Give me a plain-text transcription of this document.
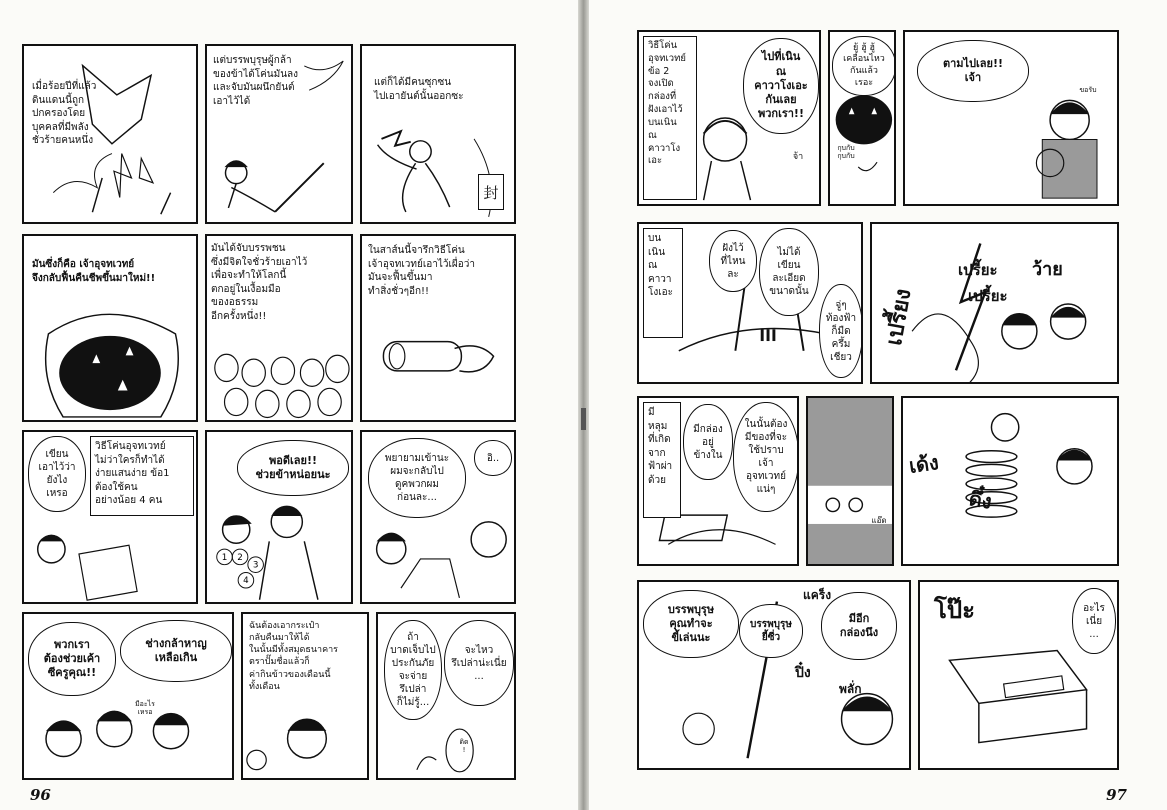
เมื่อร้อยปีที่แล้ว
ดินแดนนี้ถูก
ปกครองโดย
บุคคลที่มีพลัง
ชั่วร้ายคนหนึ่ง
แต่บรรพบุรุษผู้กล้า
ของข้าได้โค่นมันลง
และจับมันผนึกยันต์
เอาไว้ได้
แต่ก็ได้มีคนซุกซน
ไปเอายันต์นั้นออกซะ
封
มันซึ่งก็คือ เจ้าอุจทเวทย์
จึงกลับฟื้นคืนชีพขึ้นมาใหม่!!
มันได้จับบรรพชน
ซึ่งมีจิตใจชั่วร้ายเอาไว้
เพื่อจะทำให้โลกนี้
ตกอยู่ในเงื้อมมือ
ของอธรรม
อีกครั้งหนึ่ง!!
ในสาส์นนี้จารึกวิธีโค่น
เจ้าอุจทเวทย์เอาไว้เผื่อว่า
มันจะฟื้นขึ้นมา
ทำสิ่งชั่วๆอีก!!
เขียน
เอาไว้ว่า
ยังไง
เหรอ
วิธีโค่นอุจทเวทย์
ไม่ว่าใครก็ทำได้
ง่ายแสนง่าย ข้อ1
ต้องใช้คน
อย่างน้อย 4 คน
1 2
3
4
พอดีเลย!!
ช่วยข้าหน่อยนะ
พยายามเข้านะ
ผมจะกลับไป
ดูคพวกผม
ก่อนละ...
อิ..
พวกเรา
ต้องช่วยเค้า
ซีครูคุณ!!
ช่างกล้าหาญ
เหลือเกิน
มีอะไร
เหรอ
ฉันต้องเอากระเป๋า
กลับคืนมาให้ได้
ในนั้นมีทั้งสมุดธนาคาร
ตราปั๊มชื่อแล้วก็
ค่ากินข้าวของเดือนนี้
ทั้งเดือน
ถ้า
บาดเจ็บไป
ประกันภัย
จะจ่าย
รึเปล่า
ก็ไม่รู้...
จะไหว
รึเปล่าน่ะเนี่ย
...
ดิด
!
96
วิธีโค่น
อุจทเวทย์
ข้อ 2
จงเปิด
กล่องที่
ฝังเอาไว้
บนเนิน
ณ
คาวาโงเอะ
ไปที่เนิน
ณ
คาวาโงเอะ
กันเลย
พวกเรา!!
จ้า
ยู้ ฮู้ ฮู้
เคลื่อนไหว
กันแล้ว
เรอะ
กุบกับ
กุบกับ
ตามไปเลย!!
เจ้า
ขอรับ
บน
เนิน
ณ
คาวา
โงเอะ
ฝังไว้
ที่ไหน
ละ
ไม่ได้
เขียน
ละเอียด
ขนาดนั้น
จู่ๆ
ท้องฟ้า
ก็มืด
ครึ้ม
เชียว
เปรี้ยง
เปรี้ยะ
เปรี้ยะ
ว้าย
มี
หลุม
ที่เกิด
จาก
ฟ้าผ่า
ด้วย
มีกล่อง
อยู่
ข้างใน
ในนั้นต้อง
มีของที่จะ
ใช้ปราบ
เจ้า
อุจทเวทย์
แน่ๆ
แอ๊ด
เด้ง
ดึ๋ง
บรรพบุรุษ
คุณทำจะ
ขี้เล่นนะ
บรรพบุรุษ
ยี้ซี่ว
มีอีก
กล่องนึง
แคร็ง
ปิ๋ง
พลั่ก
โป๊ะ	อะไร
เนี่ย
...
97
